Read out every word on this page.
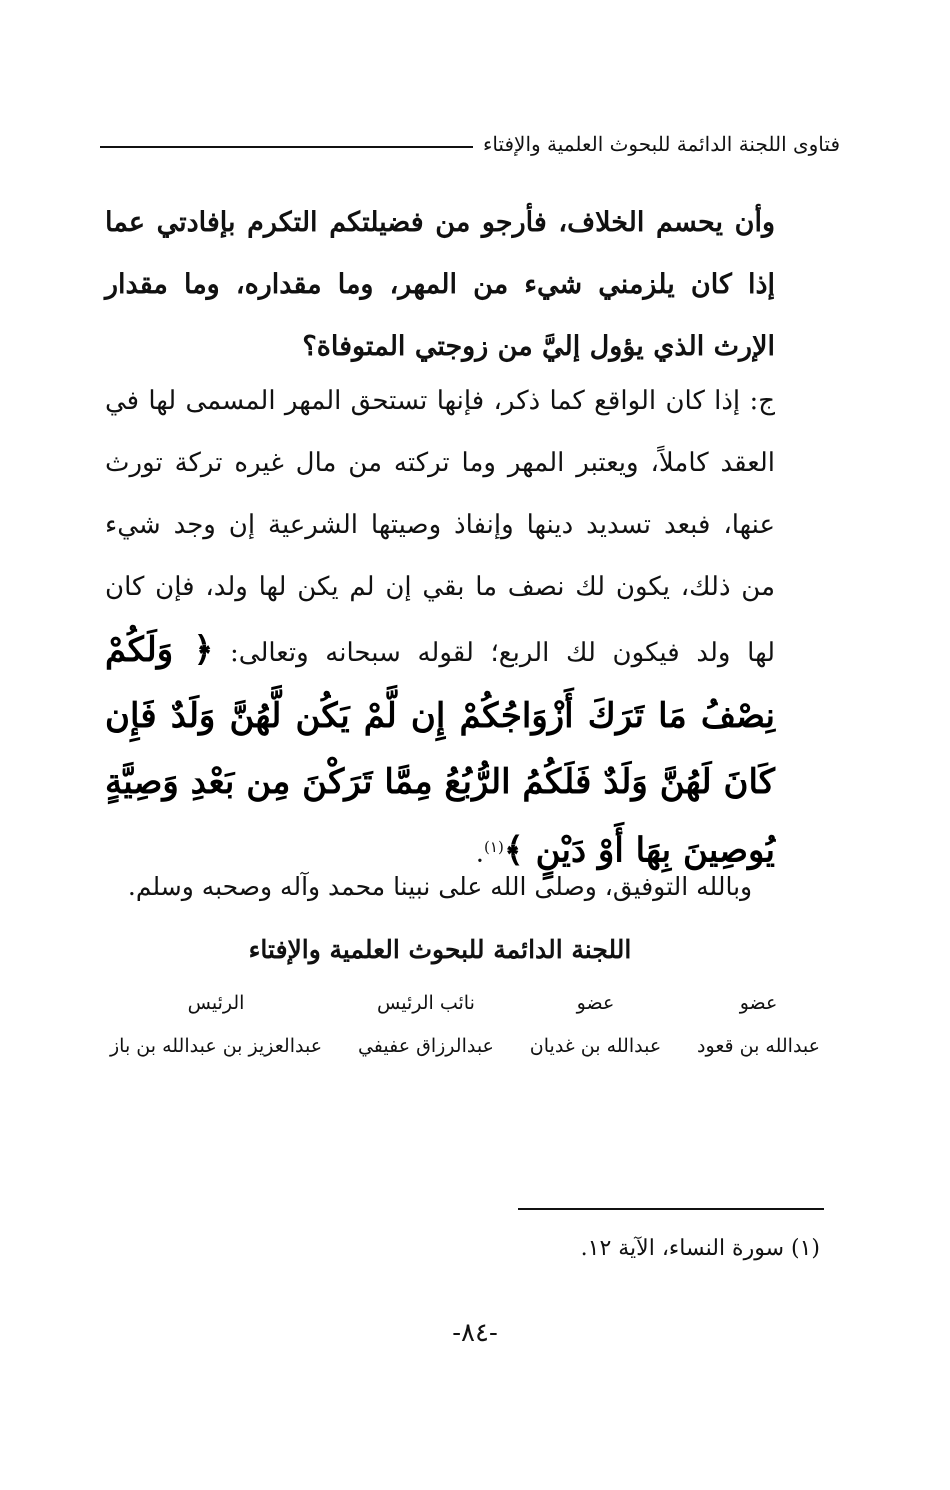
فتاوى اللجنة الدائمة للبحوث العلمية والإفتاء
وأن يحسم الخلاف، فأرجو من فضيلتكم التكرم بإفادتي عما إذا كان يلزمني شيء من المهر، وما مقداره، وما مقدار الإرث الذي يؤول إليَّ من زوجتي المتوفاة؟
ج: إذا كان الواقع كما ذكر، فإنها تستحق المهر المسمى لها في العقد كاملاً، ويعتبر المهر وما تركته من مال غيره تركة تورث عنها، فبعد تسديد دينها وإنفاذ وصيتها الشرعية إن وجد شيء من ذلك، يكون لك نصف ما بقي إن لم يكن لها ولد، فإن كان لها ولد فيكون لك الربع؛ لقوله سبحانه وتعالى: ﴿ وَلَكُمْ نِصْفُ مَا تَرَكَ أَزْوَاجُكُمْ إِن لَّمْ يَكُن لَّهُنَّ وَلَدٌ فَإِن كَانَ لَهُنَّ وَلَدٌ فَلَكُمُ الرُّبُعُ مِمَّا تَرَكْنَ مِن بَعْدِ وَصِيَّةٍ يُوصِينَ بِهَا أَوْ دَيْنٍ ﴾$^{(١)}$.
وبالله التوفيق، وصلى الله على نبينا محمد وآله وصحبه وسلم.
اللجنة الدائمة للبحوث العلمية والإفتاء
عضو
عبدالله بن قعود
عضو
عبدالله بن غديان
نائب الرئيس
عبدالرزاق عفيفي
الرئيس
عبدالعزيز بن عبدالله بن باز
(١) سورة النساء، الآية ١٢.
-٨٤-
